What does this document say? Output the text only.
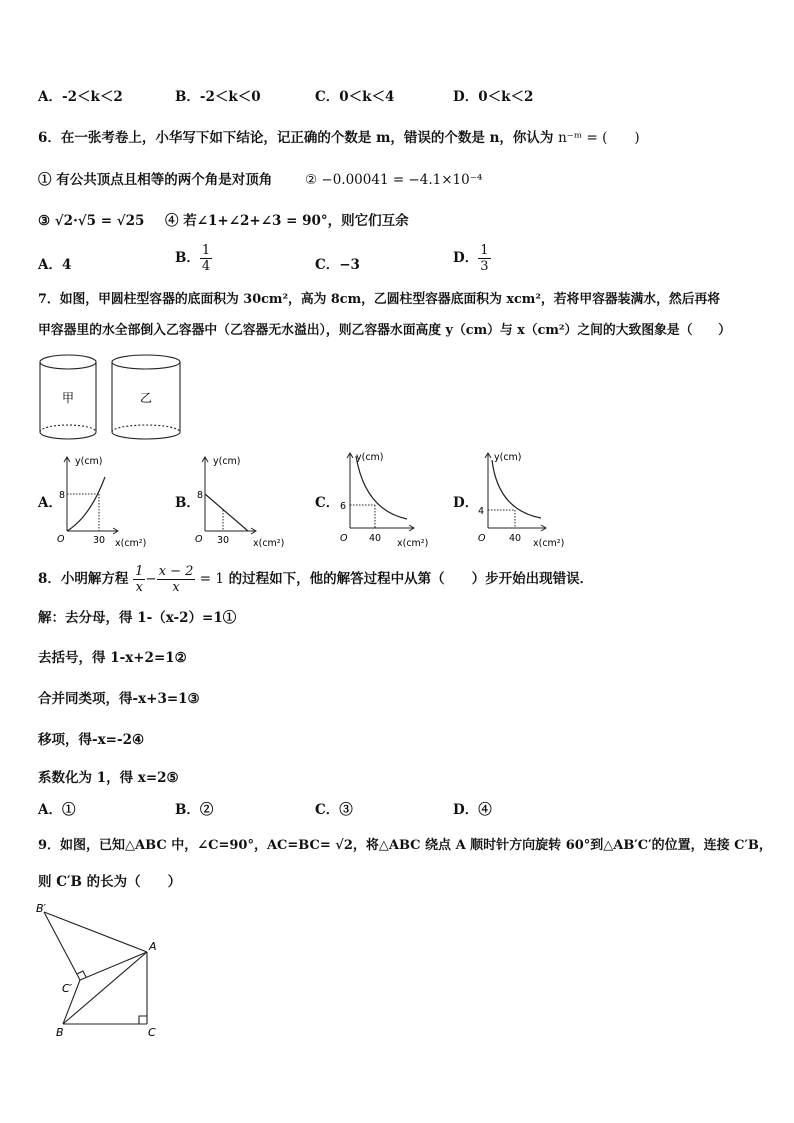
A．-2＜k＜2	B．-2＜k＜0	C．0＜k＜4	D．0＜k＜2
6．在一张考卷上，小华写下如下结论，记正确的个数是 m，错误的个数是 n，你认为 n⁻ᵐ = (　　)
① 有公共顶点且相等的两个角是对顶角 ② −0.00041 = −4.1×10⁻⁴
③ √2·√5 = √25 ④ 若∠1+∠2+∠3 = 90°，则它们互余
A．4	B． $\frac{1}{4}$	C．−3	D． $\frac{1}{3}$
7．如图，甲圆柱型容器的底面积为 30cm²，高为 8cm，乙圆柱型容器底面积为 xcm²，若将甲容器装满水，然后再将
甲容器里的水全部倒入乙容器中（乙容器无水溢出），则乙容器水面高度 y（cm）与 x（cm²）之间的大致图象是（　　）
甲	乙
A．
y(cm)
8
30
O	x(cm²)
B．
y(cm)
8
30
O	x(cm²)
C．
y(cm)
6
40
O	x(cm²)
D．
y(cm)
4
40
O	x(cm²)
8．小明解方程 $\frac{1}{x} - \frac{x - 2}{x} = 1$ 的过程如下，他的解答过程中从第（　　）步开始出现错误．
解：去分母，得 1-（x-2）=1①
去括号，得 1-x+2=1②
合并同类项，得-x+3=1③
移项，得-x=-2④
系数化为 1，得 x=2⑤
A．①	B．②	C．③	D．④
9．如图，已知△ABC 中，∠C=90°，AC=BC= √2，将△ABC 绕点 A 顺时针方向旋转 60°到△AB′C′的位置，连接 C′B，
则 C′B 的长为（　　）
B′
A
C′
B	C
